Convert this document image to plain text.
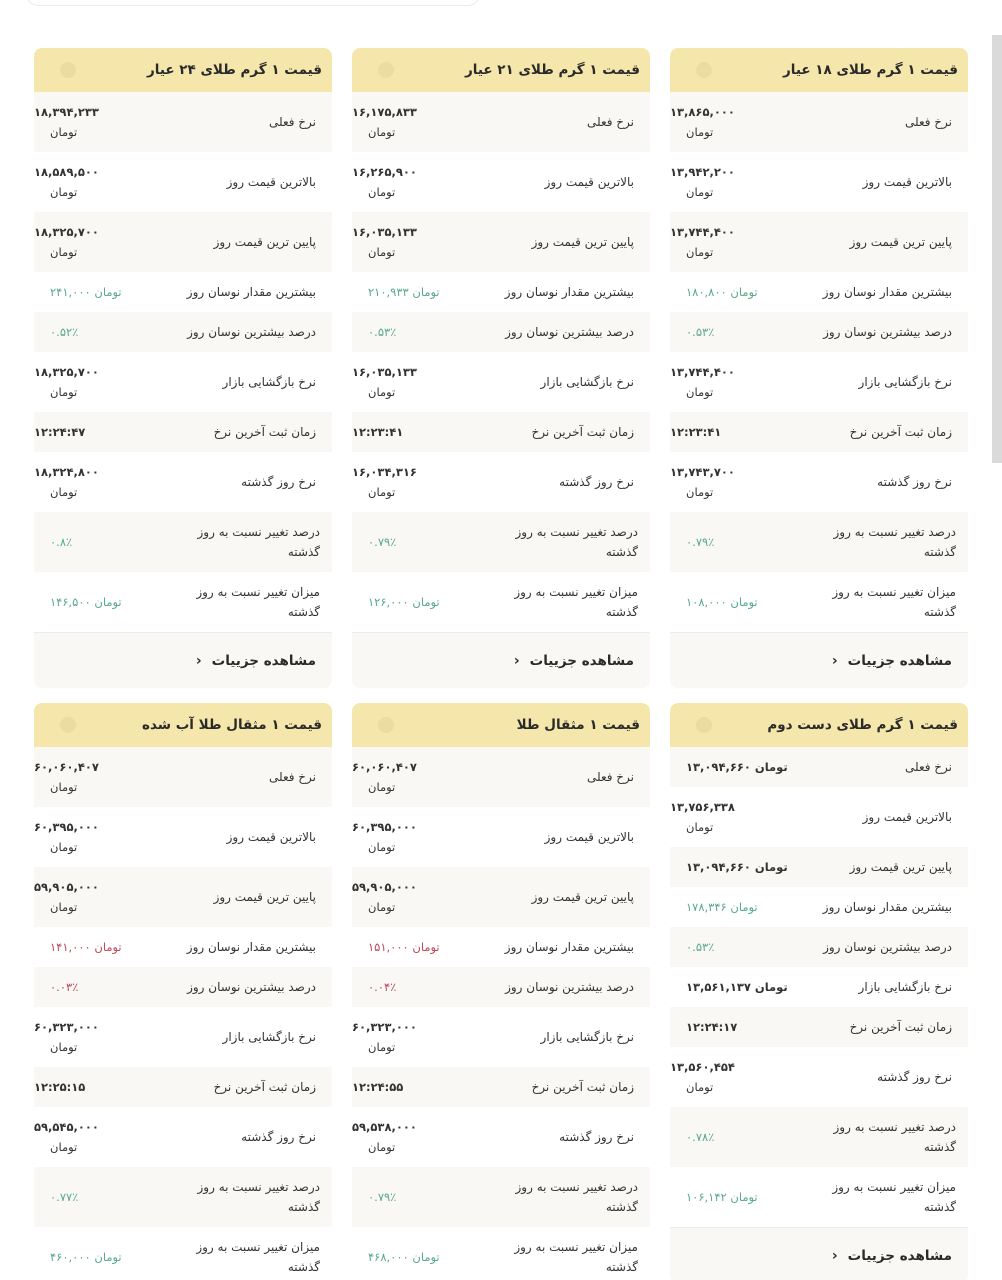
قیمت ۱ گرم طلای ۱۸ عیار
نرخ فعلی
۱۳,۸۶۵,۰۰۰
تومان
بالاترین قیمت روز
۱۳,۹۴۲,۲۰۰
تومان
پایین ترین قیمت روز
۱۳,۷۴۴,۴۰۰
تومان
بیشترین مقدار نوسان روز
۱۸۰,۸۰۰ تومان
درصد بیشترین نوسان روز
۰.۵۳٪
نرخ بازگشایی بازار
۱۳,۷۴۴,۴۰۰
تومان
زمان ثبت آخرین نرخ
۱۲:۲۳:۴۱
نرخ روز گذشته
۱۳,۷۴۳,۷۰۰
تومان
درصد تغییر نسبت به روز گذشته
۰.۷۹٪
میزان تغییر نسبت به روز گذشته
۱۰۸,۰۰۰ تومان
مشاهده جزییات
‹
قیمت ۱ گرم طلای ۲۱ عیار
نرخ فعلی
۱۶,۱۷۵,۸۳۳
تومان
بالاترین قیمت روز
۱۶,۲۶۵,۹۰۰
تومان
پایین ترین قیمت روز
۱۶,۰۳۵,۱۳۳
تومان
بیشترین مقدار نوسان روز
۲۱۰,۹۳۳ تومان
درصد بیشترین نوسان روز
۰.۵۳٪
نرخ بازگشایی بازار
۱۶,۰۳۵,۱۳۳
تومان
زمان ثبت آخرین نرخ
۱۲:۲۳:۴۱
نرخ روز گذشته
۱۶,۰۳۴,۳۱۶
تومان
درصد تغییر نسبت به روز گذشته
۰.۷۹٪
میزان تغییر نسبت به روز گذشته
۱۲۶,۰۰۰ تومان
مشاهده جزییات
‹
قیمت ۱ گرم طلای ۲۴ عیار
نرخ فعلی
۱۸,۳۹۴,۲۳۳
تومان
بالاترین قیمت روز
۱۸,۵۸۹,۵۰۰
تومان
پایین ترین قیمت روز
۱۸,۳۲۵,۷۰۰
تومان
بیشترین مقدار نوسان روز
۲۴۱,۰۰۰ تومان
درصد بیشترین نوسان روز
۰.۵۲٪
نرخ بازگشایی بازار
۱۸,۳۲۵,۷۰۰
تومان
زمان ثبت آخرین نرخ
۱۲:۲۴:۴۷
نرخ روز گذشته
۱۸,۳۲۴,۸۰۰
تومان
درصد تغییر نسبت به روز گذشته
۰.۸٪
میزان تغییر نسبت به روز گذشته
۱۴۶,۵۰۰ تومان
مشاهده جزییات
‹
قیمت ۱ گرم طلای دست دوم
نرخ فعلی
۱۳,۰۹۴,۶۶۰ تومان
بالاترین قیمت روز
۱۳,۷۵۶,۳۳۸
تومان
پایین ترین قیمت روز
۱۳,۰۹۴,۶۶۰ تومان
بیشترین مقدار نوسان روز
۱۷۸,۳۴۶ تومان
درصد بیشترین نوسان روز
۰.۵۳٪
نرخ بازگشایی بازار
۱۳,۵۶۱,۱۳۷ تومان
زمان ثبت آخرین نرخ
۱۲:۲۴:۱۷
نرخ روز گذشته
۱۳,۵۶۰,۴۵۴
تومان
درصد تغییر نسبت به روز گذشته
۰.۷۸٪
میزان تغییر نسبت به روز گذشته
۱۰۶,۱۴۲ تومان
مشاهده جزییات
‹
قیمت ۱ مثقال طلا
نرخ فعلی
۶۰,۰۶۰,۴۰۷
تومان
بالاترین قیمت روز
۶۰,۳۹۵,۰۰۰
تومان
پایین ترین قیمت روز
۵۹,۹۰۵,۰۰۰
تومان
بیشترین مقدار نوسان روز
۱۵۱,۰۰۰ تومان
درصد بیشترین نوسان روز
۰.۰۴٪
نرخ بازگشایی بازار
۶۰,۳۲۳,۰۰۰
تومان
زمان ثبت آخرین نرخ
۱۲:۲۴:۵۵
نرخ روز گذشته
۵۹,۵۳۸,۰۰۰
تومان
درصد تغییر نسبت به روز گذشته
۰.۷۹٪
میزان تغییر نسبت به روز گذشته
۴۶۸,۰۰۰ تومان
قیمت ۱ مثقال طلا آب شده
نرخ فعلی
۶۰,۰۶۰,۴۰۷
تومان
بالاترین قیمت روز
۶۰,۳۹۵,۰۰۰
تومان
پایین ترین قیمت روز
۵۹,۹۰۵,۰۰۰
تومان
بیشترین مقدار نوسان روز
۱۴۱,۰۰۰ تومان
درصد بیشترین نوسان روز
۰.۰۳٪
نرخ بازگشایی بازار
۶۰,۳۲۳,۰۰۰
تومان
زمان ثبت آخرین نرخ
۱۲:۲۵:۱۵
نرخ روز گذشته
۵۹,۵۴۵,۰۰۰
تومان
درصد تغییر نسبت به روز گذشته
۰.۷۷٪
میزان تغییر نسبت به روز گذشته
۴۶۰,۰۰۰ تومان
